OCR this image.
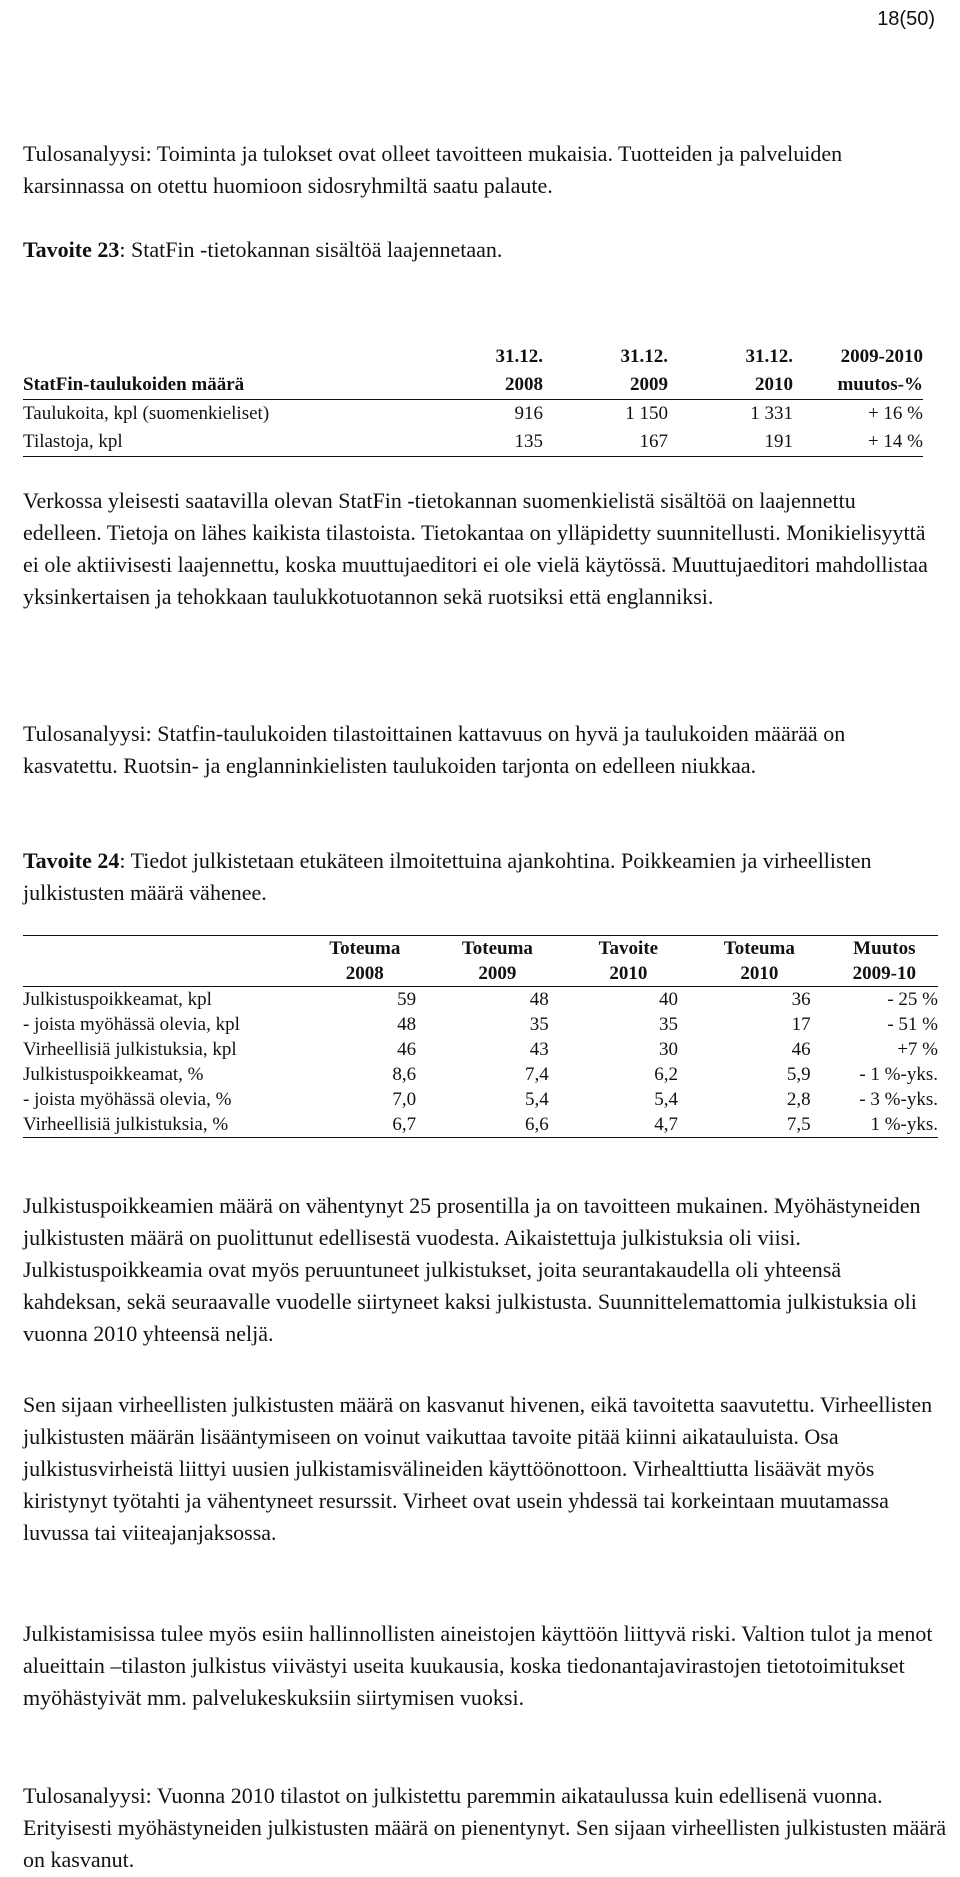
18(50)

Tulosanalyysi: Toiminta ja tulokset ovat olleet tavoitteen mukaisia. Tuotteiden ja palveluiden karsinnassa on otettu huomioon sidosryhmiltä saatu palaute.

Tavoite 23: StatFin -tietokannan sisältöä laajennetaan.

	31.12.	31.12.	31.12.	2009-2010
StatFin-taulukoiden määrä	2008	2009	2010	muutos-%
Taulukoita, kpl (suomenkieliset)	916	1 150	1 331	+ 16 %
Tilastoja, kpl	135	167	191	+ 14 %

Verkossa yleisesti saatavilla olevan StatFin -tietokannan suomenkielistä sisältöä on laajennettu edelleen. Tietoja on lähes kaikista tilastoista. Tietokantaa on ylläpidetty suunnitellusti. Monikielisyyttä ei ole aktiivisesti laajennettu, koska muuttujaeditori ei ole vielä käytössä. Muuttujaeditori mahdollistaa yksinkertaisen ja tehokkaan taulukkotuotannon sekä ruotsiksi että englanniksi.

Tulosanalyysi: Statfin-taulukoiden tilastoittainen kattavuus on hyvä ja taulukoiden määrää on kasvatettu. Ruotsin- ja englanninkielisten taulukoiden tarjonta on edelleen niukkaa.

Tavoite 24: Tiedot julkistetaan etukäteen ilmoitettuina ajankohtina. Poikkeamien ja virheellisten julkistusten määrä vähenee.

	Toteuma	Toteuma	Tavoite	Toteuma	Muutos
	2008	2009	2010	2010	2009-10
Julkistuspoikkeamat, kpl	59	48	40	36	- 25 %
- joista myöhässä olevia, kpl	48	35	35	17	- 51 %
Virheellisiä julkistuksia, kpl	46	43	30	46	+7 %
Julkistuspoikkeamat, %	8,6	7,4	6,2	5,9	- 1 %-yks.
- joista myöhässä olevia, %	7,0	5,4	5,4	2,8	- 3 %-yks.
Virheellisiä julkistuksia, %	6,7	6,6	4,7	7,5	1 %-yks.

Julkistuspoikkeamien määrä on vähentynyt 25 prosentilla ja on tavoitteen mukainen. Myöhästyneiden julkistusten määrä on puolittunut edellisestä vuodesta. Aikaistettuja julkistuksia oli viisi. Julkistuspoikkeamia ovat myös peruuntuneet julkistukset, joita seurantakaudella oli yhteensä kahdeksan, sekä seuraavalle vuodelle siirtyneet kaksi julkistusta. Suunnittelemattomia julkistuksia oli vuonna 2010 yhteensä neljä.

Sen sijaan virheellisten julkistusten määrä on kasvanut hivenen, eikä tavoitetta saavutettu. Virheellisten julkistusten määrän lisääntymiseen on voinut vaikuttaa tavoite pitää kiinni aikatauluista. Osa julkistusvirheistä liittyi uusien julkistamisvälineiden käyttöönottoon. Virhealttiutta lisäävät myös kiristynyt työtahti ja vähentyneet resurssit. Virheet ovat usein yhdessä tai korkeintaan muutamassa luvussa tai viiteajanjaksossa.

Julkistamisissa tulee myös esiin hallinnollisten aineistojen käyttöön liittyvä riski. Valtion tulot ja menot alueittain –tilaston julkistus viivästyi useita kuukausia, koska tiedonantajavirastojen tietotoimitukset myöhästyivät mm. palvelukeskuksiin siirtymisen vuoksi.

Tulosanalyysi: Vuonna 2010 tilastot on julkistettu paremmin aikataulussa kuin edellisenä vuonna. Erityisesti myöhästyneiden julkistusten määrä on pienentynyt. Sen sijaan virheellisten julkistusten määrä on kasvanut.
